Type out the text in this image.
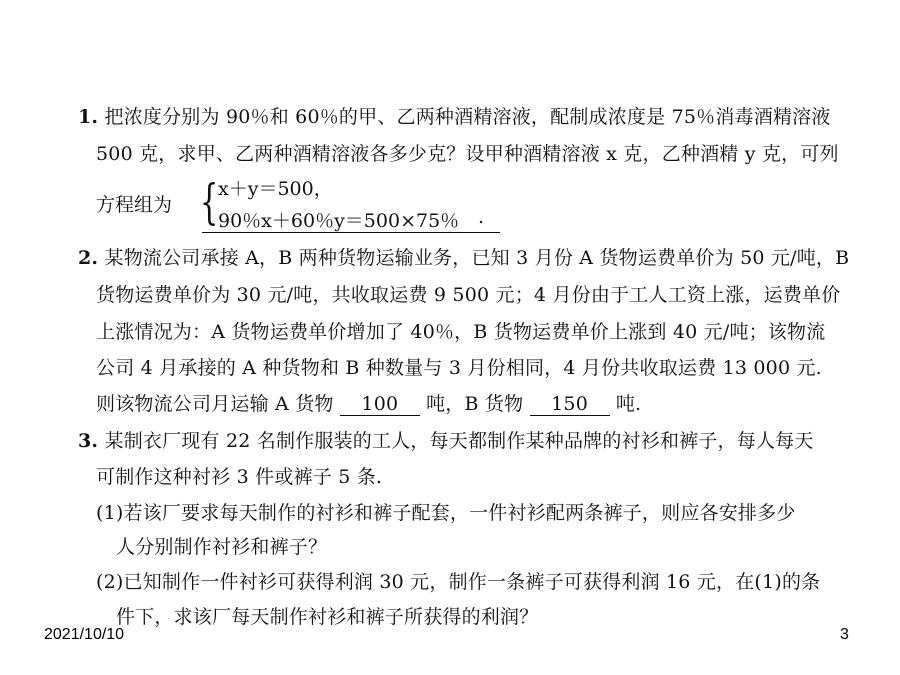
1. 把浓度分别为 90％和 60％的甲、乙两种酒精溶液，配制成浓度是 75％消毒酒精溶液
500 克，求甲、乙两种酒精溶液各多少克？设甲种酒精溶液 x 克，乙种酒精 y 克，可列
方程组为 { x＋y＝500，
90％x＋60％y＝500×75％ .
2. 某物流公司承接 A，B 两种货物运输业务，已知 3 月份 A 货物运费单价为 50 元/吨，B
货物运费单价为 30 元/吨，共收取运费 9 500 元；4 月份由于工人工资上涨，运费单价
上涨情况为：A 货物运费单价增加了 40％，B 货物运费单价上涨到 40 元/吨；该物流
公司 4 月承接的 A 种货物和 B 种数量与 3 月份相同，4 月份共收取运费 13 000 元.
则该物流公司月运输 A 货物 100 吨，B 货物 150 吨.
3. 某制衣厂现有 22 名制作服装的工人，每天都制作某种品牌的衬衫和裤子，每人每天
可制作这种衬衫 3 件或裤子 5 条.
(1)若该厂要求每天制作的衬衫和裤子配套，一件衬衫配两条裤子，则应各安排多少
人分别制作衬衫和裤子？
(2)已知制作一件衬衫可获得利润 30 元，制作一条裤子可获得利润 16 元，在(1)的条
件下，求该厂每天制作衬衫和裤子所获得的利润？
2021/10/10	3
